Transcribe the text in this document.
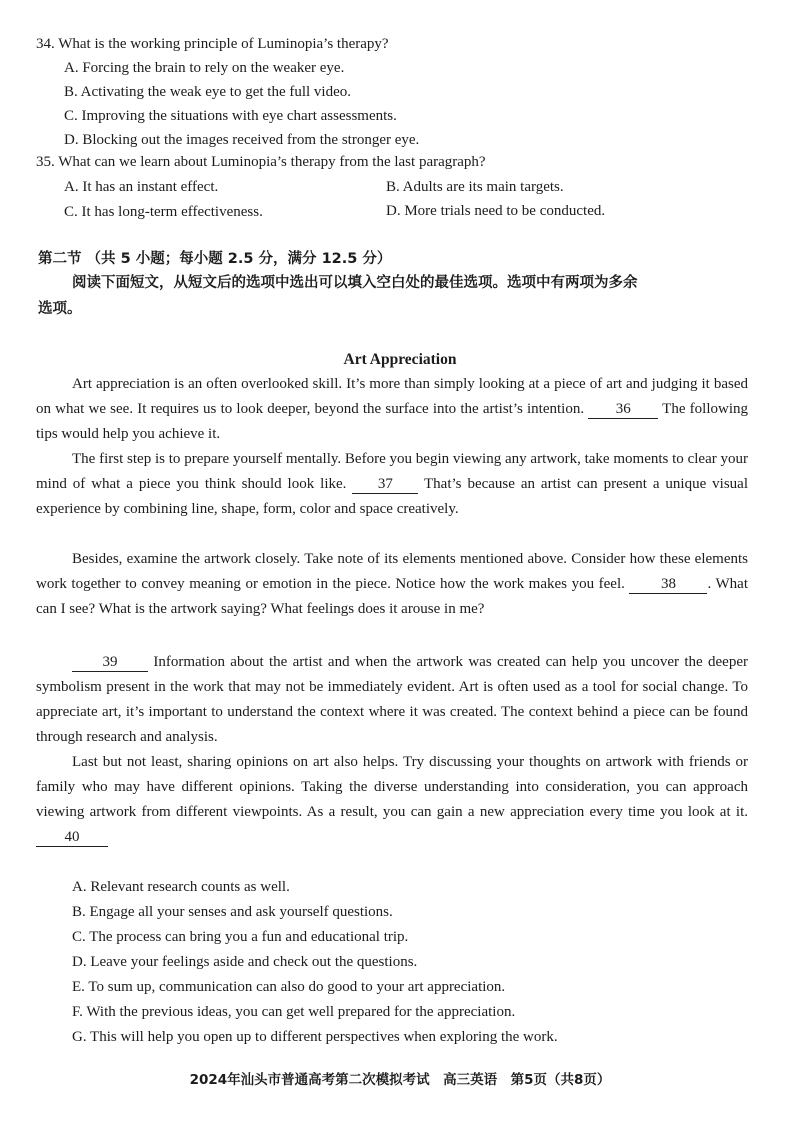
34. What is the working principle of Luminopia’s therapy?
A. Forcing the brain to rely on the weaker eye.
B. Activating the weak eye to get the full video.
C. Improving the situations with eye chart assessments.
D. Blocking out the images received from the stronger eye.
35. What can we learn about Luminopia’s therapy from the last paragraph?
A. It has an instant effect.	B. Adults are its main targets.
C. It has long-term effectiveness.	D. More trials need to be conducted.
第二节 （共 5 小题；每小题 2.5 分，满分 12.5 分）
阅读下面短文，从短文后的选项中选出可以填入空白处的最佳选项。选项中有两项为多余
选项。
Art Appreciation
Art appreciation is an often overlooked skill. It’s more than simply looking at a piece of art and judging it based on what we see. It requires us to look deeper, beyond the surface into the artist’s intention. 36 The following tips would help you achieve it.
The first step is to prepare yourself mentally. Before you begin viewing any artwork, take moments to clear your mind of what a piece you think should look like. 37 That’s because an artist can present a unique visual experience by combining line, shape, form, color and space creatively.
Besides, examine the artwork closely. Take note of its elements mentioned above. Consider how these elements work together to convey meaning or emotion in the piece. Notice how the work makes you feel. 38 . What can I see? What is the artwork saying? What feelings does it arouse in me?
39 Information about the artist and when the artwork was created can help you uncover the deeper symbolism present in the work that may not be immediately evident. Art is often used as a tool for social change. To appreciate art, it’s important to understand the context where it was created. The context behind a piece can be found through research and analysis.
Last but not least, sharing opinions on art also helps. Try discussing your thoughts on artwork with friends or family who may have different opinions. Taking the diverse understanding into consideration, you can approach viewing artwork from different viewpoints. As a result, you can gain a new appreciation every time you look at it. 40
A. Relevant research counts as well.
B. Engage all your senses and ask yourself questions.
C. The process can bring you a fun and educational trip.
D. Leave your feelings aside and check out the questions.
E. To sum up, communication can also do good to your art appreciation.
F. With the previous ideas, you can get well prepared for the appreciation.
G. This will help you open up to different perspectives when exploring the work.
2024年汕头市普通高考第二次模拟考试　高三英语　第5页（共8页）
